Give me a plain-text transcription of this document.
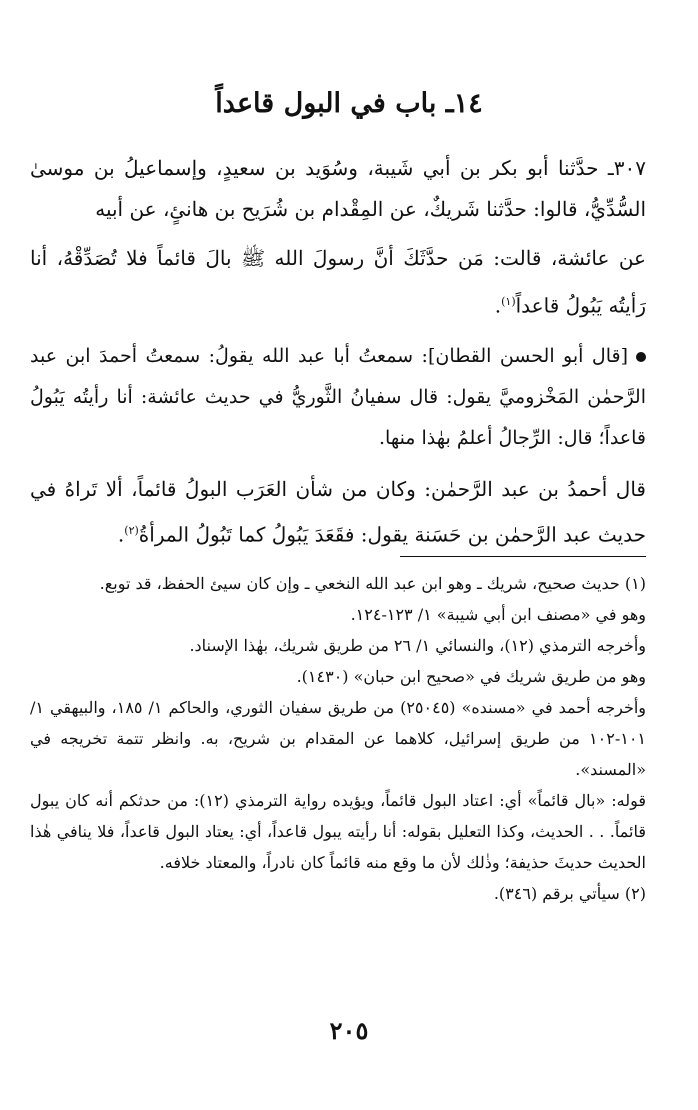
١٤ـ باب في البول قاعداً

٣٠٧ـ حدَّثنا أبو بكر بن أبي شَيبة، وسُوَيد بن سعيدٍ، وإسماعيلُ بن موسىٰ السُّدِّيُّ، قالوا: حدَّثنا شَريكٌ، عن المِقْدام بن شُرَيح بن هانئٍ، عن أبيه

عن عائشة، قالت: مَن حدَّثَكَ أنَّ رسولَ الله ﷺ بالَ قائماً فلا تُصَدِّقْهُ، أنا رَأيتُه يَبُولُ قاعداً$^{(١)}$.

[قال أبو الحسن القطان]: سمعتُ أبا عبد الله يقولُ: سمعتُ أحمدَ ابن عبد الرَّحمٰن المَخْزوميَّ يقول: قال سفيانُ الثَّوريُّ في حديث عائشة: أنا رأيتُه يَبُولُ قاعداً؛ قال: الرِّجالُ أعلمُ بهٰذا منها.

قال أحمدُ بن عبد الرَّحمٰن: وكان من شأن العَرَب البولُ قائماً، ألا تَراهُ في حديث عبد الرَّحمٰن بن حَسَنة يقول: فقَعَدَ يَبُولُ كما تَبُولُ المرأةُ$^{(٢)}$.

(١) حديث صحيح، شريك ـ وهو ابن عبد الله النخعي ـ وإن كان سيئ الحفظ، قد توبع.

وهو في «مصنف ابن أبي شيبة» ١/ ١٢٣-١٢٤.

وأخرجه الترمذي (١٢)، والنسائي ١/ ٢٦ من طريق شريك، بهٰذا الإسناد.

وهو من طريق شريك في «صحيح ابن حبان» (١٤٣٠).

وأخرجه أحمد في «مسنده» (٢٥٠٤٥) من طريق سفيان الثوري، والحاكم ١/ ١٨٥، والبيهقي ١/ ١٠١-١٠٢ من طريق إسرائيل، كلاهما عن المقدام بن شريح، به. وانظر تتمة تخريجه في «المسند».

قوله: «بال قائماً» أي: اعتاد البول قائماً، ويؤيده رواية الترمذي (١٢): من حدثكم أنه كان يبول قائماً. . . الحديث، وكذا التعليل بقوله: أنا رأيته يبول قاعداً، أي: يعتاد البول قاعداً، فلا ينافي هٰذا الحديث حديثَ حذيفة؛ وذٰلك لأن ما وقع منه قائماً كان نادراً، والمعتاد خلافه.

(٢) سيأتي برقم (٣٤٦).

٢٠٥
